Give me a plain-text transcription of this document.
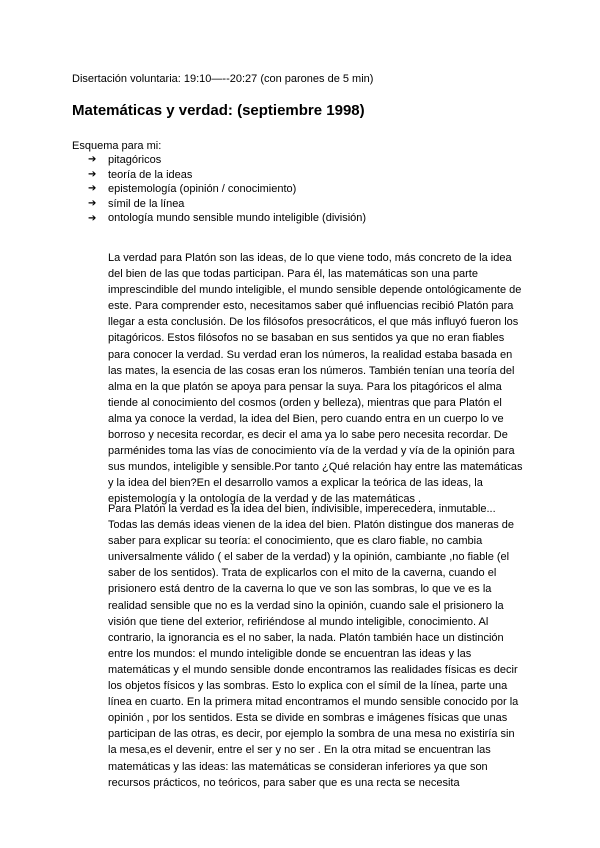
Disertación voluntaria: 19:10—--20:27 (con parones de 5 min)
Matemáticas y verdad: (septiembre 1998)
Esquema para mi:
➔	pitagóricos
➔	teoría de la ideas
➔	epistemología (opinión / conocimiento)
➔	símil de la línea
➔	ontología mundo sensible mundo inteligible (división)

La verdad para Platón son las ideas, de lo que viene todo, más concreto de la idea
del bien de las que todas participan. Para él, las matemáticas son una parte
imprescindible del mundo inteligible, el mundo sensible depende ontológicamente de
este. Para comprender esto, necesitamos saber qué influencias recibió Platón para
llegar a esta conclusión. De los filósofos presocráticos, el que más influyó fueron los
pitagóricos. Estos filósofos no se basaban en sus sentidos ya que no eran fiables
para conocer la verdad. Su verdad eran los números, la realidad estaba basada en
las mates, la esencia de las cosas eran los números. También tenían una teoría del
alma en la que platón se apoya para pensar la suya. Para los pitagóricos el alma
tiende al conocimiento del cosmos (orden y belleza), mientras que para Platón el
alma ya conoce la verdad, la idea del Bien, pero cuando entra en un cuerpo lo ve
borroso y necesita recordar, es decir el ama ya lo sabe pero necesita recordar. De
parménides toma las vías de conocimiento vía de la verdad y vía de la opinión para
sus mundos, inteligible y sensible.Por tanto ¿Qué relación hay entre las matemáticas
y la idea del bien?En el desarrollo vamos a explicar la teórica de las ideas, la
epistemología y la ontología de la verdad y de las matemáticas .

Para Platón la verdad es la idea del bien, indivisible, imperecedera, inmutable...
Todas las demás ideas vienen de la idea del bien. Platón distingue dos maneras de
saber para explicar su teoría: el conocimiento, que es claro fiable, no cambia
universalmente válido ( el saber de la verdad) y la opinión, cambiante ,no fiable (el
saber de los sentidos). Trata de explicarlos con el mito de la caverna, cuando el
prisionero está dentro de la caverna lo que ve son las sombras, lo que ve es la
realidad sensible que no es la verdad sino la opinión, cuando sale el prisionero la
visión que tiene del exterior, refiriéndose al mundo inteligible, conocimiento. Al
contrario, la ignorancia es el no saber, la nada. Platón también hace un distinción
entre los mundos: el mundo inteligible donde se encuentran las ideas y las
matemáticas y el mundo sensible donde encontramos las realidades físicas es decir
los objetos físicos y las sombras. Esto lo explica con el símil de la línea, parte una
línea en cuarto. En la primera mitad encontramos el mundo sensible conocido por la
opinión , por los sentidos. Esta se divide en sombras e imágenes físicas que unas
participan de las otras, es decir, por ejemplo la sombra de una mesa no existiría sin
la mesa,es el devenir, entre el ser y no ser . En la otra mitad se encuentran las
matemáticas y las ideas: las matemáticas se consideran inferiores ya que son
recursos prácticos, no teóricos, para saber que es una recta se necesita
